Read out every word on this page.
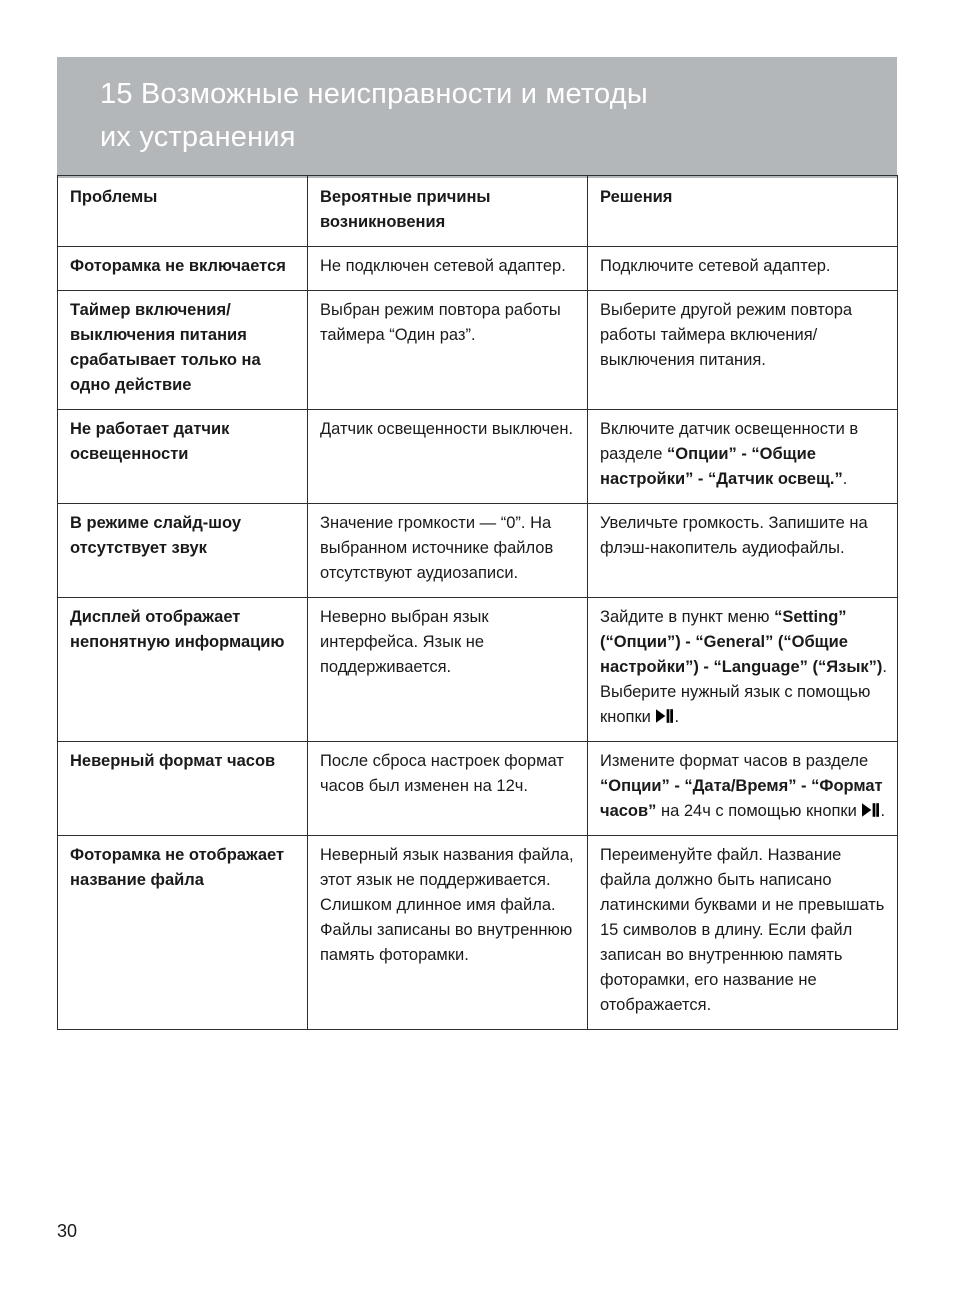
15 Возможные неисправности и методы
их устранения
Проблемы	Вероятные причины возникновения	Решения
Фоторамка не включается	Не подключен сетевой адаптер.	Подключите сетевой адаптер.
Таймер включения/выключения питания срабатывает только на одно действие	Выбран режим повтора работы таймера “Один раз”.	Выберите другой режим повтора работы таймера включения/выключения питания.
Не работает датчик освещенности	Датчик освещенности выключен.	Включите датчик освещенности в разделе “Опции” - “Общие настройки” - “Датчик освещ.”.
В режиме слайд-шоу отсутствует звук	Значение громкости — “0”. На выбранном источнике файлов отсутствуют аудиозаписи.	Увеличьте громкость. Запишите на флэш-накопитель аудиофайлы.
Дисплей отображает непонятную информацию	Неверно выбран язык интерфейса. Язык не поддерживается.	Зайдите в пункт меню “Setting” (“Опции”) - “General” (“Общие настройки”) - “Language” (“Язык”). Выберите нужный язык с помощью кнопки
.
Неверный формат часов	После сброса настроек формат часов был изменен на 12ч.	Измените формат часов в разделе “Опции” - “Дата/Время” - “Формат часов” на 24ч с помощью кнопки
.
Фоторамка не отображает название файла	Неверный язык названия файла, этот язык не поддерживается. Слишком длинное имя файла. Файлы записаны во внутреннюю память фоторамки.	Переименуйте файл. Название файла должно быть написано латинскими буквами и не превышать 15 символов в длину. Если файл записан во внутреннюю память фоторамки, его название не отображается.
30
